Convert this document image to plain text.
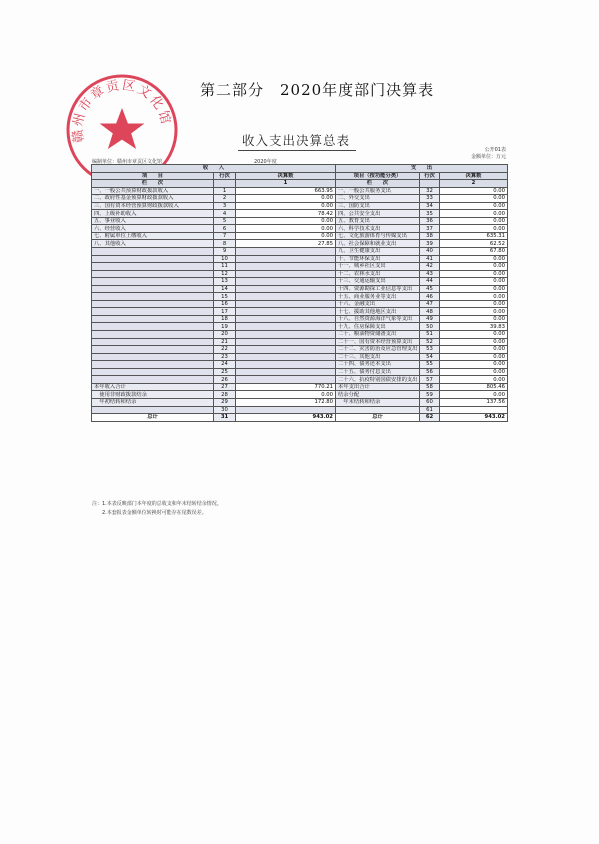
第二部分　2020年度部门决算表
赣州市章贡区文化馆
收入支出决算总表
公开01表
金额单位：万元
编制单位：赣州市章贡区文化馆	2020年度
收　　入			支　　出		
项　　目	行次	决算数	项目（按功能分类）	行次	决算数
栏　　次		1	栏　　次		2
一、一般公共预算财政拨款收入	1	663.95	一、一般公共服务支出	32	0.00
二、政府性基金预算财政拨款收入	2	0.00	二、外交支出	33	0.00
三、国有资本经营预算财政拨款收入	3	0.00	三、国防支出	34	0.00
四、上级补助收入	4	78.42	四、公共安全支出	35	0.00
五、事业收入	5	0.00	五、教育支出	36	0.00
六、经营收入	6	0.00	六、科学技术支出	37	0.00
七、附属单位上缴收入	7	0.00	七、文化旅游体育与传媒支出	38	635.31
八、其他收入	8	27.85	八、社会保障和就业支出	39	62.52
	9		九、卫生健康支出	40	67.80
	10		十、节能环保支出	41	0.00
	11		十一、城乡社区支出	42	0.00
	12		十二、农林水支出	43	0.00
	13		十三、交通运输支出	44	0.00
	14		十四、资源勘探工业信息等支出	45	0.00
	15		十五、商业服务业等支出	46	0.00
	16		十六、金融支出	47	0.00
	17		十七、援助其他地区支出	48	0.00
	18		十八、自然资源海洋气象等支出	49	0.00
	19		十九、住房保障支出	50	39.83
	20		二十、粮油物资储备支出	51	0.00
	21		二十一、国有资本经营预算支出	52	0.00
	22		二十二、灾害防治及应急管理支出	53	0.00
	23		二十三、其他支出	54	0.00
	24		二十四、债务还本支出	55	0.00
	25		二十五、债务付息支出	56	0.00
	26		二十六、抗疫特别国债安排的支出	57	0.00
本年收入合计	27	770.21	本年支出合计	58	805.46
　使用非财政拨款结余	28	0.00	结余分配	59	0.00
　年初结转和结余	29	172.80	　年末结转和结余	60	137.56
	30			61	
总计	31	943.02	总计	62	943.02
注：1.本表反映部门本年度的总收支和年末结转结余情况。
　　2.本套报表金额单位转换时可能存在尾数误差。
